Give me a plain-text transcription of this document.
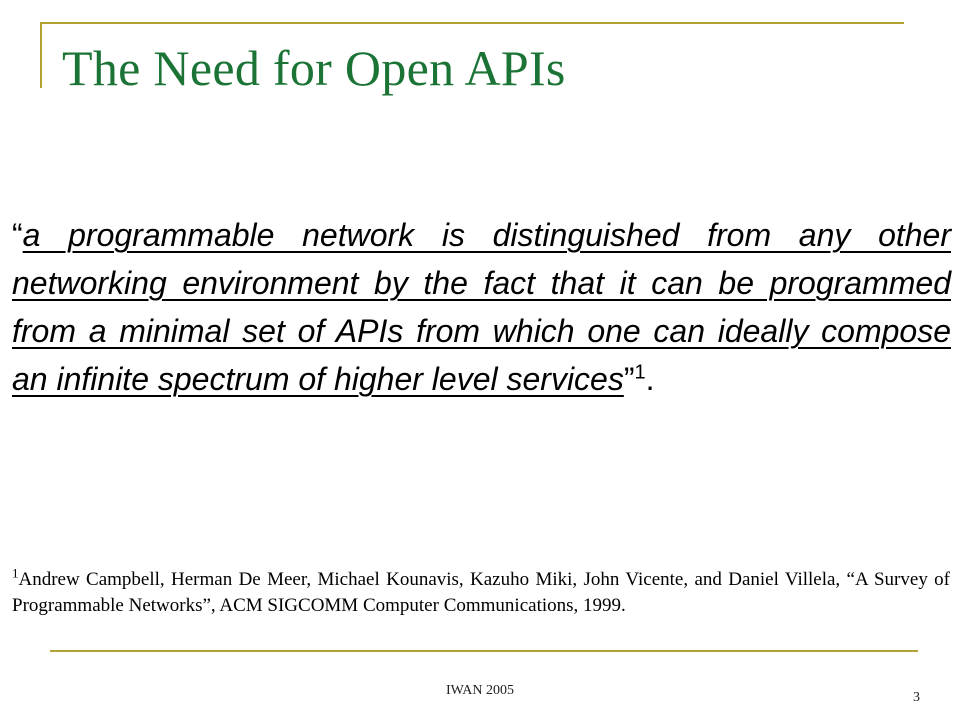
The Need for Open APIs

“a programmable network is distinguished from any other networking environment by the fact that it can be programmed from a minimal set of APIs from which one can ideally compose an infinite spectrum of higher level services”$^1$.

$^1$Andrew Campbell, Herman De Meer, Michael Kounavis, Kazuho Miki, John Vicente, and Daniel Villela, “A Survey of Programmable Networks”, ACM SIGCOMM Computer Communications, 1999.

IWAN 2005	3
